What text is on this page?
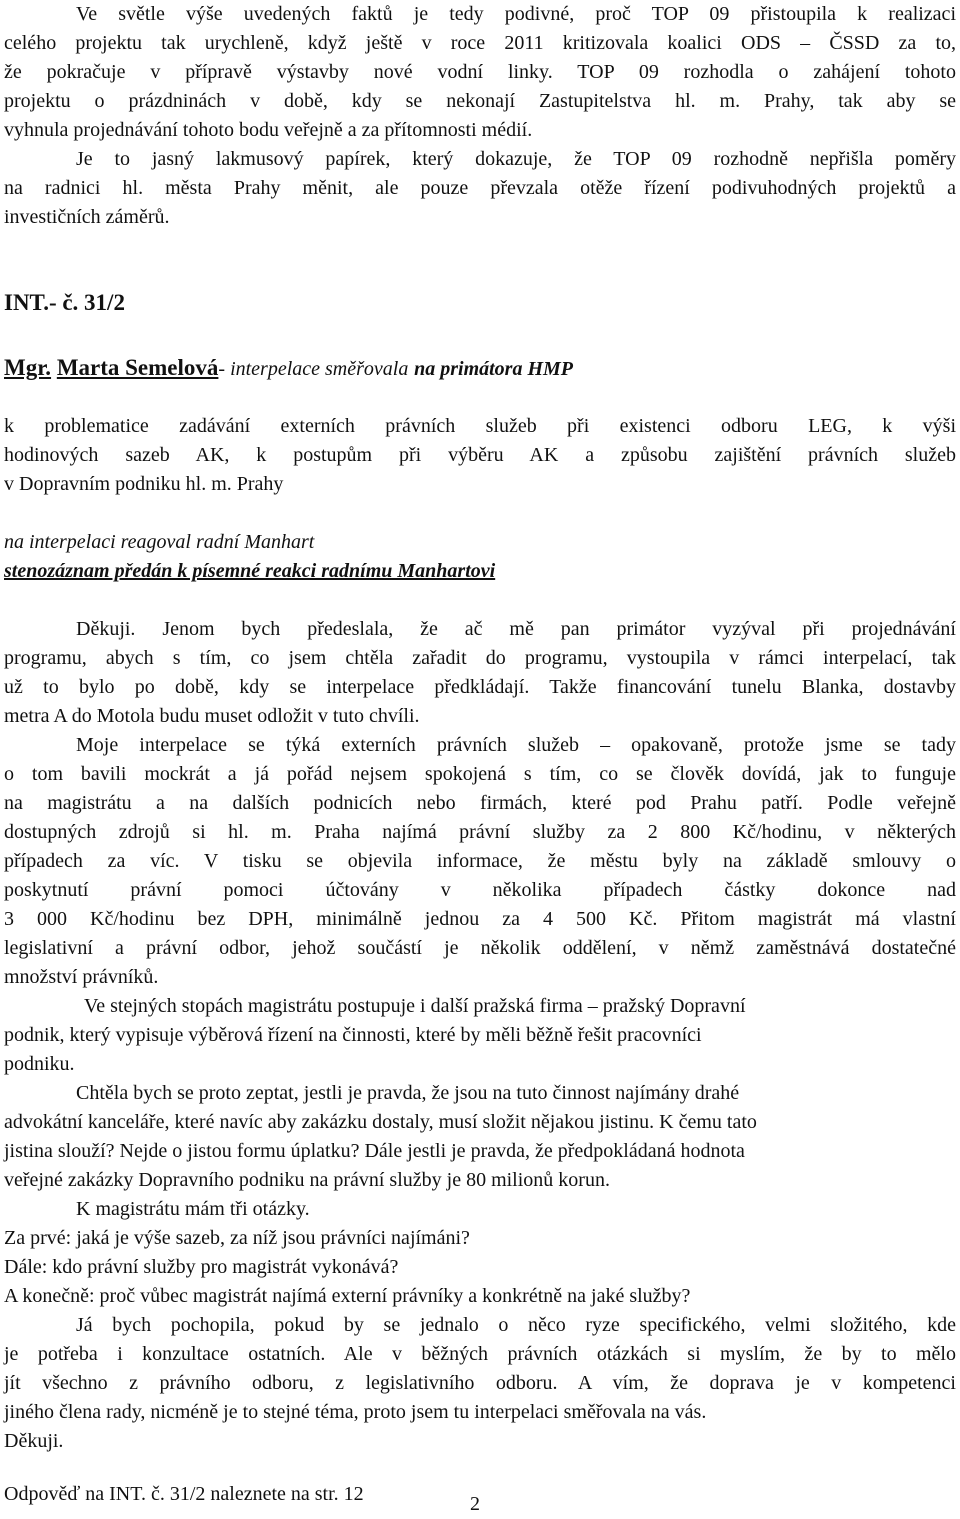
Ve světle výše uvedených faktů je tedy podivné, proč TOP 09 přistoupila k realizaci
celého projektu tak urychleně, když ještě v roce 2011 kritizovala koalici ODS – ČSSD za to,
že pokračuje v přípravě výstavby nové vodní linky. TOP 09 rozhodla o zahájení tohoto
projektu o prázdninách v době, kdy se nekonají Zastupitelstva hl. m. Prahy, tak aby se
vyhnula projednávání tohoto bodu veřejně a za přítomnosti médií.
Je to jasný lakmusový papírek, který dokazuje, že TOP 09 rozhodně nepřišla poměry
na radnici hl. města Prahy měnit, ale pouze převzala otěže řízení podivuhodných projektů a
investičních záměrů.
INT.- č. 31/2
Mgr. Marta Semelová- interpelace směřovala na primátora HMP
k problematice zadávání externích právních služeb při existenci odboru LEG, k výši
hodinových sazeb AK, k postupům při výběru AK a způsobu zajištění právních služeb
v Dopravním podniku hl. m. Prahy
na interpelaci reagoval radní Manhart
stenozáznam předán k písemné reakci radnímu Manhartovi
Děkuji. Jenom bych předeslala, že ač mě pan primátor vyzýval při projednávání
programu, abych s tím, co jsem chtěla zařadit do programu, vystoupila v rámci interpelací, tak
už to bylo po době, kdy se interpelace předkládají. Takže financování tunelu Blanka, dostavby
metra A do Motola budu muset odložit v tuto chvíli.
Moje interpelace se týká externích právních služeb – opakovaně, protože jsme se tady
o tom bavili mockrát a já pořád nejsem spokojená s tím, co se člověk dovídá, jak to funguje
na magistrátu a na dalších podnicích nebo firmách, které pod Prahu patří. Podle veřejně
dostupných zdrojů si hl. m. Praha najímá právní služby za 2 800 Kč/hodinu, v některých
případech za víc. V tisku se objevila informace, že městu byly na základě smlouvy o
poskytnutí právní pomoci účtovány v několika případech částky dokonce nad
3 000 Kč/hodinu bez DPH, minimálně jednou za 4 500 Kč. Přitom magistrát má vlastní
legislativní a právní odbor, jehož součástí je několik oddělení, v němž zaměstnává dostatečné
množství právníků.
Ve stejných stopách magistrátu postupuje i další pražská firma – pražský Dopravní
podnik, který vypisuje výběrová řízení na činnosti, které by měli běžně řešit pracovníci
podniku.
Chtěla bych se proto zeptat, jestli je pravda, že jsou na tuto činnost najímány drahé
advokátní kanceláře, které navíc aby zakázku dostaly, musí složit nějakou jistinu. K čemu tato
jistina slouží? Nejde o jistou formu úplatku? Dále jestli je pravda, že předpokládaná hodnota
veřejné zakázky Dopravního podniku na právní služby je 80 milionů korun.
K magistrátu mám tři otázky.
Za prvé: jaká je výše sazeb, za níž jsou právníci najímáni?
Dále: kdo právní služby pro magistrát vykonává?
A konečně: proč vůbec magistrát najímá externí právníky a konkrétně na jaké služby?
Já bych pochopila, pokud by se jednalo o něco ryze specifického, velmi složitého, kde
je potřeba i konzultace ostatních. Ale v běžných právních otázkách si myslím, že by to mělo
jít všechno z právního odboru, z legislativního odboru. A vím, že doprava je v kompetenci
jiného člena rady, nicméně je to stejné téma, proto jsem tu interpelaci směřovala na vás.
Děkuji.
Odpověď na INT. č. 31/2 naleznete na str. 12	2
